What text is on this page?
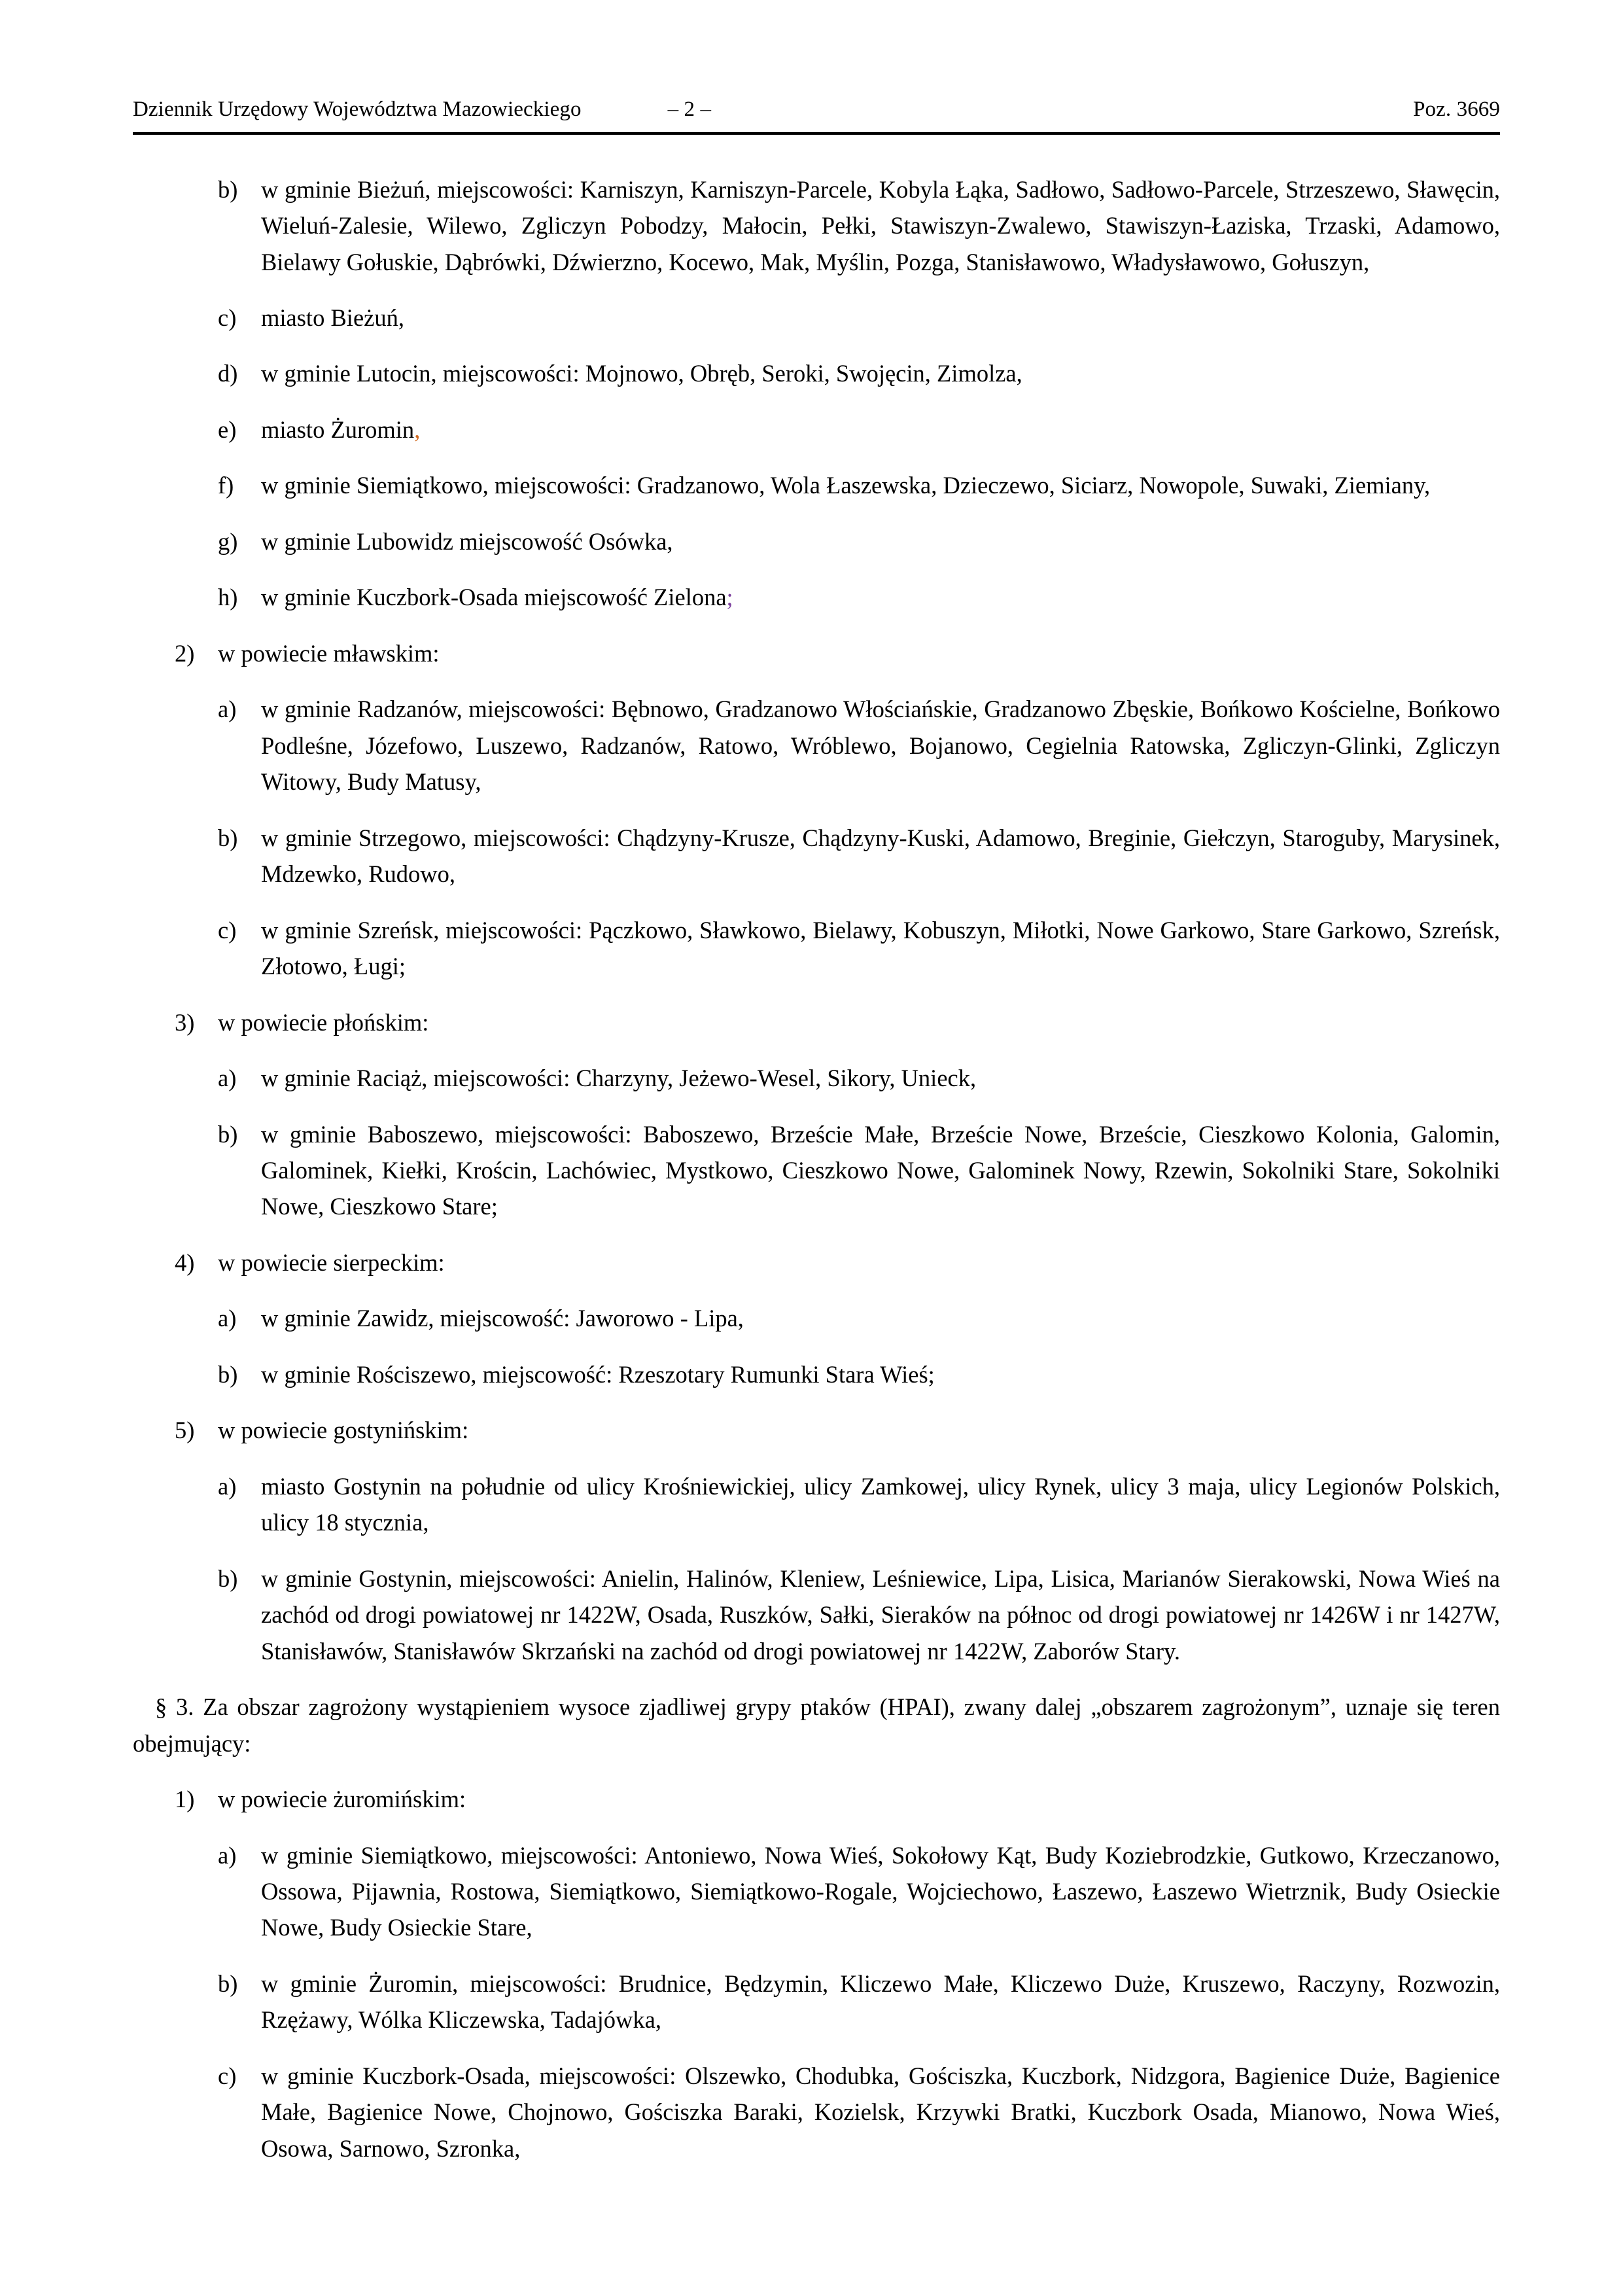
Dziennik Urzędowy Województwa Mazowieckiego	– 2 –	Poz. 3669
b) w gminie Bieżuń, miejscowości: Karniszyn, Karniszyn-Parcele, Kobyla Łąka, Sadłowo, Sadłowo-Parcele, Strzeszewo, Sławęcin, Wieluń-Zalesie, Wilewo, Zgliczyn Pobodzy, Małocin, Pełki, Stawiszyn-Zwalewo, Stawiszyn-Łaziska, Trzaski, Adamowo, Bielawy Gołuskie, Dąbrówki, Dźwierzno, Kocewo, Mak, Myślin, Pozga, Stanisławowo, Władysławowo, Gołuszyn,
c)	miasto Bieżuń,
d) w gminie Lutocin, miejscowości: Mojnowo, Obręb, Seroki, Swojęcin, Zimolza,
e)	miasto Żuromin,
f)	w gminie Siemiątkowo, miejscowości: Gradzanowo, Wola Łaszewska, Dzieczewo, Siciarz, Nowopole, Suwaki, Ziemiany,
g) w gminie Lubowidz miejscowość Osówka,
h) w gminie Kuczbork-Osada miejscowość Zielona;
2) w powiecie mławskim:
a)	w gminie Radzanów, miejscowości: Bębnowo, Gradzanowo Włościańskie, Gradzanowo Zbęskie, Bońkowo Kościelne, Bońkowo Podleśne, Józefowo, Luszewo, Radzanów, Ratowo, Wróblewo, Bojanowo, Cegielnia Ratowska, Zgliczyn-Glinki, Zgliczyn Witowy, Budy Matusy,
b) w gminie Strzegowo, miejscowości: Chądzyny-Krusze, Chądzyny-Kuski, Adamowo, Breginie, Giełczyn, Staroguby, Marysinek, Mdzewko, Rudowo,
c)	w gminie Szreńsk, miejscowości: Pączkowo, Sławkowo, Bielawy, Kobuszyn, Miłotki, Nowe Garkowo, Stare Garkowo, Szreńsk, Złotowo, Ługi;
3) w powiecie płońskim:
a)	w gminie Raciąż, miejscowości: Charzyny, Jeżewo-Wesel, Sikory, Unieck,
b) w gminie Baboszewo, miejscowości: Baboszewo, Brzeście Małe, Brzeście Nowe, Brzeście, Cieszkowo Kolonia, Galomin, Galominek, Kiełki, Krościn, Lachówiec, Mystkowo, Cieszkowo Nowe, Galominek Nowy, Rzewin, Sokolniki Stare, Sokolniki Nowe, Cieszkowo Stare;
4) w powiecie sierpeckim:
a)	w gminie Zawidz, miejscowość: Jaworowo - Lipa,
b) w gminie Rościszewo, miejscowość: Rzeszotary Rumunki Stara Wieś;
5) w powiecie gostynińskim:
a)	miasto Gostynin na południe od ulicy Krośniewickiej, ulicy Zamkowej, ulicy Rynek, ulicy 3 maja, ulicy Legionów Polskich, ulicy 18 stycznia,
b) w gminie Gostynin, miejscowości: Anielin, Halinów, Kleniew, Leśniewice, Lipa, Lisica, Marianów Sierakowski, Nowa Wieś na zachód od drogi powiatowej nr 1422W, Osada, Ruszków, Sałki, Sieraków na północ od drogi powiatowej nr 1426W i nr 1427W, Stanisławów, Stanisławów Skrzański na zachód od drogi powiatowej nr 1422W, Zaborów Stary.
§ 3. Za obszar zagrożony wystąpieniem wysoce zjadliwej grypy ptaków (HPAI), zwany dalej „obszarem zagrożonym”, uznaje się teren obejmujący:
1) w powiecie żuromińskim:
a)	w gminie Siemiątkowo, miejscowości: Antoniewo, Nowa Wieś, Sokołowy Kąt, Budy Koziebrodzkie, Gutkowo, Krzeczanowo, Ossowa, Pijawnia, Rostowa, Siemiątkowo, Siemiątkowo-Rogale, Wojciechowo, Łaszewo, Łaszewo Wietrznik, Budy Osieckie Nowe, Budy Osieckie Stare,
b) w gminie Żuromin, miejscowości: Brudnice, Będzymin, Kliczewo Małe, Kliczewo Duże, Kruszewo, Raczyny, Rozwozin, Rzężawy, Wólka Kliczewska, Tadajówka,
c)	w gminie Kuczbork-Osada, miejscowości: Olszewko, Chodubka, Gościszka, Kuczbork, Nidzgora, Bagienice Duże, Bagienice Małe, Bagienice Nowe, Chojnowo, Gościszka Baraki, Kozielsk, Krzywki Bratki, Kuczbork Osada, Mianowo, Nowa Wieś, Osowa, Sarnowo, Szronka,
